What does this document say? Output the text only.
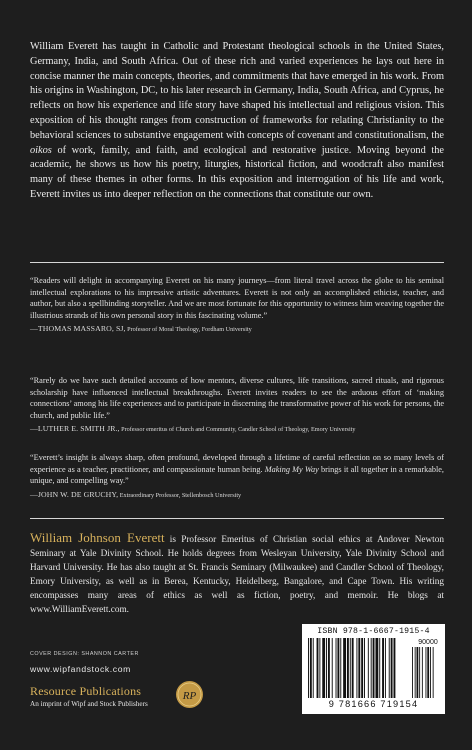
William Everett has taught in Catholic and Protestant theological schools in the United States, Germany, India, and South Africa. Out of these rich and varied experiences he lays out here in concise manner the main concepts, theories, and commitments that have emerged in his work. From his origins in Washington, DC, to his later research in Germany, India, South Africa, and Cyprus, he reflects on how his experience and life story have shaped his intellectual and religious vision. This exposition of his thought ranges from construction of frameworks for relating Christianity to the behavioral sciences to substantive engagement with concepts of covenant and constitutionalism, the oikos of work, family, and faith, and ecological and restorative justice. Moving beyond the academic, he shows us how his poetry, liturgies, historical fiction, and woodcraft also manifest many of these themes in other forms. In this exposition and interrogation of his life and work, Everett invites us into deeper reflection on the connections that constitute our own.

“Readers will delight in accompanying Everett on his many journeys—from literal travel across the globe to his seminal intellectual explorations to his impressive artistic adventures. Everett is not only an accomplished ethicist, teacher, and author, but also a spellbinding storyteller. And we are most fortunate for this opportunity to witness him weaving together the illustrious strands of his own personal story in this fascinating volume.”

—THOMAS MASSARO, SJ, Professor of Moral Theology, Fordham University

“Rarely do we have such detailed accounts of how mentors, diverse cultures, life transitions, sacred rituals, and rigorous scholarship have influenced intellectual breakthroughs. Everett invites readers to see the arduous effort of ‘making connections’ among his life experiences and to participate in discerning the transformative power of his work for persons, the church, and public life.”

—LUTHER E. SMITH JR., Professor emeritus of Church and Community, Candler School of Theology, Emory University

“Everett’s insight is always sharp, often profound, developed through a lifetime of careful reflection on so many levels of experience as a teacher, practitioner, and compassionate human being. Making My Way brings it all together in a remarkable, unique, and compelling way.”

—JOHN W. DE GRUCHY, Extraordinary Professor, Stellenbosch University

William Johnson Everett is Professor Emeritus of Christian social ethics at Andover Newton Seminary at Yale Divinity School. He holds degrees from Wesleyan University, Yale Divinity School and Harvard University. He has also taught at St. Francis Seminary (Milwaukee) and Candler School of Theology, Emory University, as well as in Berea, Kentucky, Heidelberg, Bangalore, and Cape Town. His writing encompasses many areas of ethics as well as fiction, poetry, and memoir. He blogs at www.WilliamEverett.com.

COVER DESIGN: SHANNON CARTER
www.wipfandstock.com
Resource Publications
An imprint of Wipf and Stock Publishers
RP
ISBN 978-1-6667-1915-4
90000
9 781666 719154
